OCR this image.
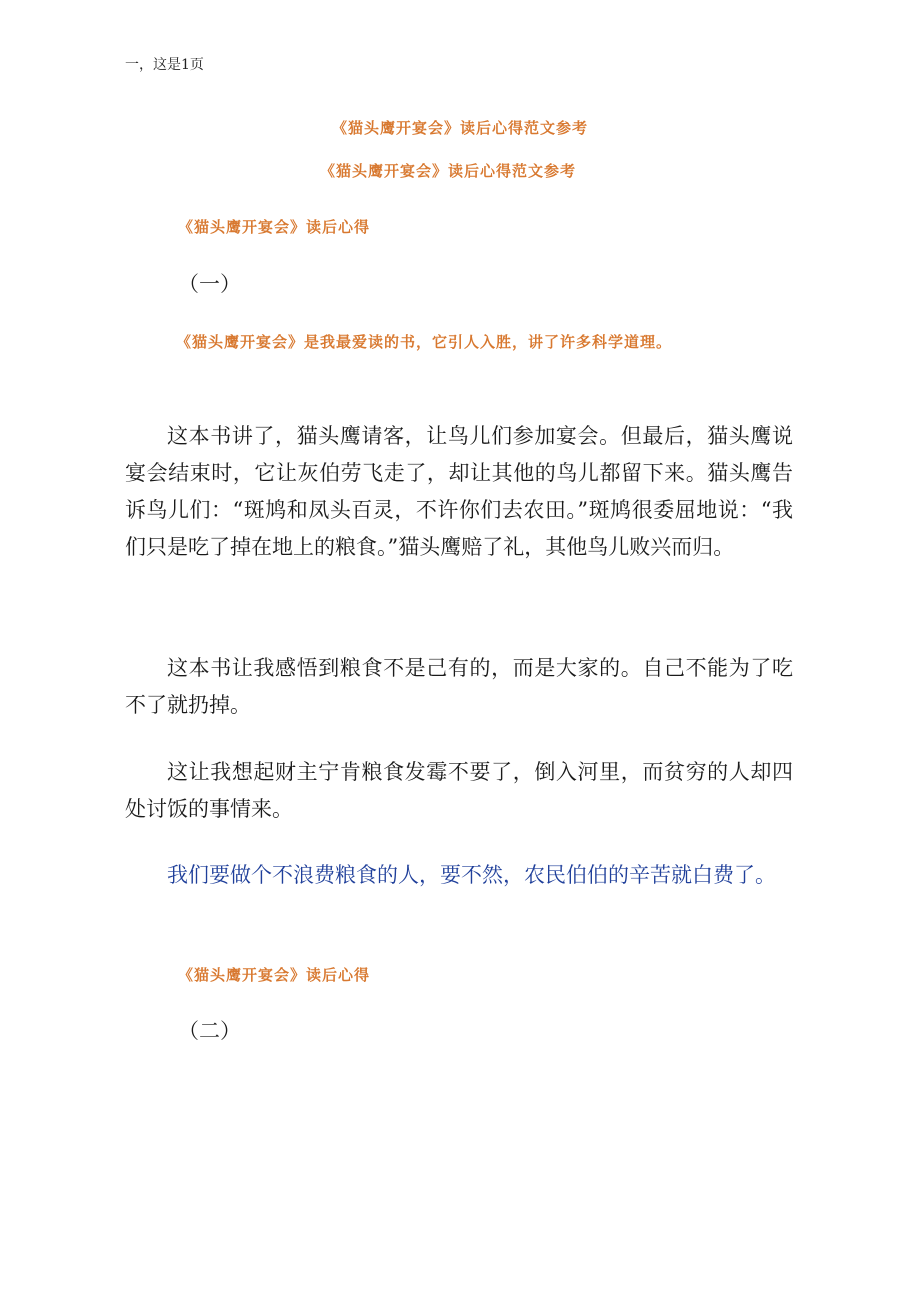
一，这是1页
《猫头鹰开宴会》读后心得范文参考
《猫头鹰开宴会》读后心得范文参考
《猫头鹰开宴会》读后心得
（一）

《猫头鹰开宴会》是我最爱读的书，它引人入胜，讲了许多科学道理。

这本书讲了，猫头鹰请客，让鸟儿们参加宴会。但最后，猫头鹰说宴会结束时，它让灰伯劳飞走了，却让其他的鸟儿都留下来。猫头鹰告诉鸟儿们：“斑鸠和凤头百灵，不许你们去农田。”斑鸠很委屈地说：“我们只是吃了掉在地上的粮食。”猫头鹰赔了礼，其他鸟儿败兴而归。

这本书让我感悟到粮食不是己有的，而是大家的。自己不能为了吃不了就扔掉。

这让我想起财主宁肯粮食发霉不要了，倒入河里，而贫穷的人却四处讨饭的事情来。

我们要做个不浪费粮食的人，要不然，农民伯伯的辛苦就白费了。

《猫头鹰开宴会》读后心得
（二）
